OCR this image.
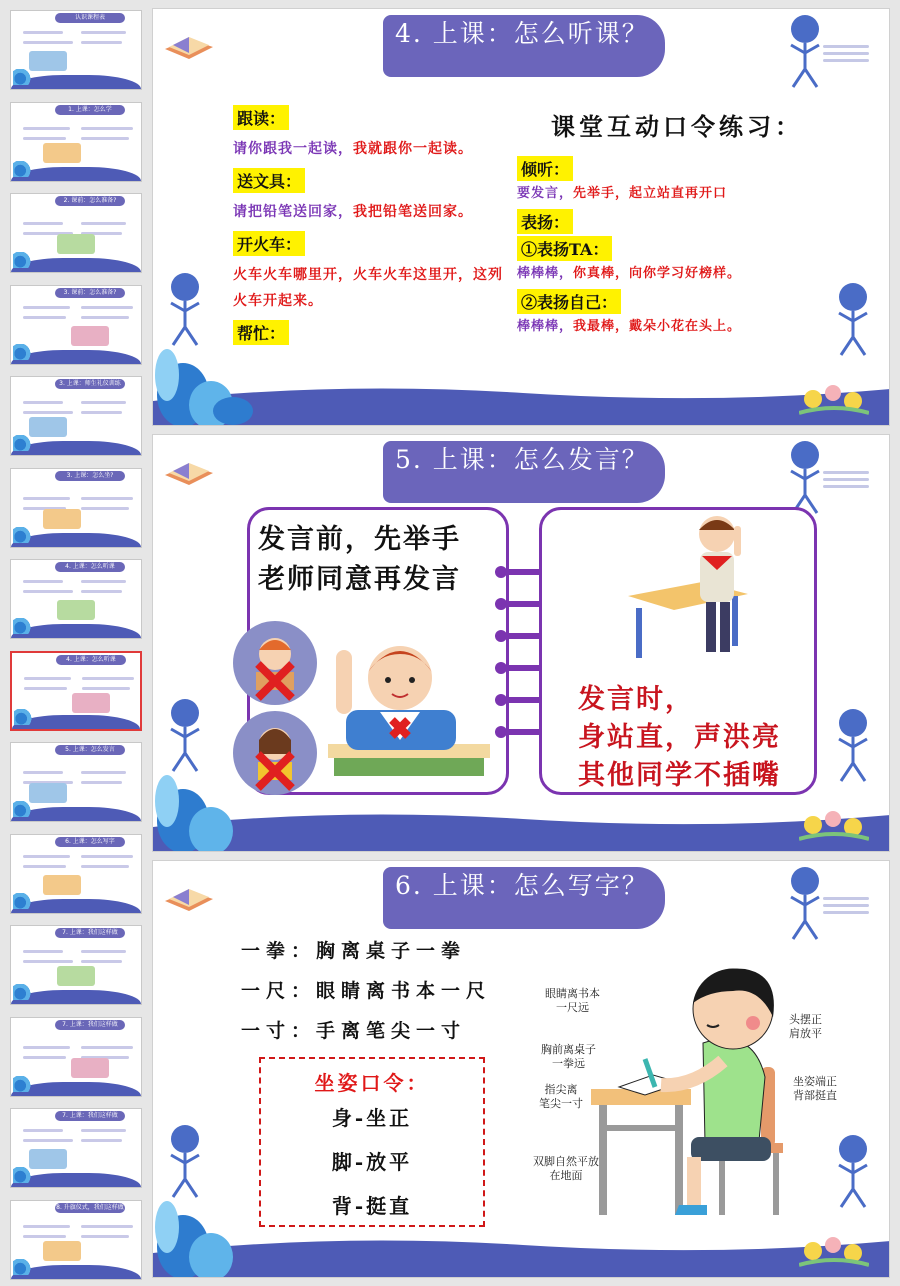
认识课程表
1. 上课：怎么学
2. 课前：怎么准备?
3. 课前：怎么准备?
3. 上课：师生礼仪训练
3. 上课：怎么坐?
4. 上课：怎么听课
4. 上课：怎么听课
5. 上课：怎么发言
6. 上课：怎么写字
7. 上课：我们这样做
7. 上课：我们这样做
7. 上课：我们这样做
8. 升旗仪式，我们这样做
4. 上课：怎么听课？
跟读：
请你跟我一起读，我就跟你一起读。
送文具：
请把铅笔送回家，我把铅笔送回家。
开火车：
火车火车哪里开，火车火车这里开，这列火车开起来。
帮忙：
课堂互动口令练习：
倾听：
要发言，先举手，起立站直再开口
表扬：
①表扬TA：
棒棒棒，你真棒，向你学习好榜样。
②表扬自己：
棒棒棒，我最棒，戴朵小花在头上。
5. 上课：怎么发言？
发言前，先举手
老师同意再发言
发言时，
身站直，声洪亮
其他同学不插嘴
6. 上课：怎么写字？
一拳：胸离桌子一拳
一尺：眼睛离书本一尺
一寸：手离笔尖一寸
坐姿口令：
身-坐正
脚-放平
背-挺直
眼睛离书本
一尺远
胸前离桌子
一拳远
指尖离
笔尖一寸
双脚自然平放
在地面
头摆正
肩放平
坐姿端正
背部挺直
